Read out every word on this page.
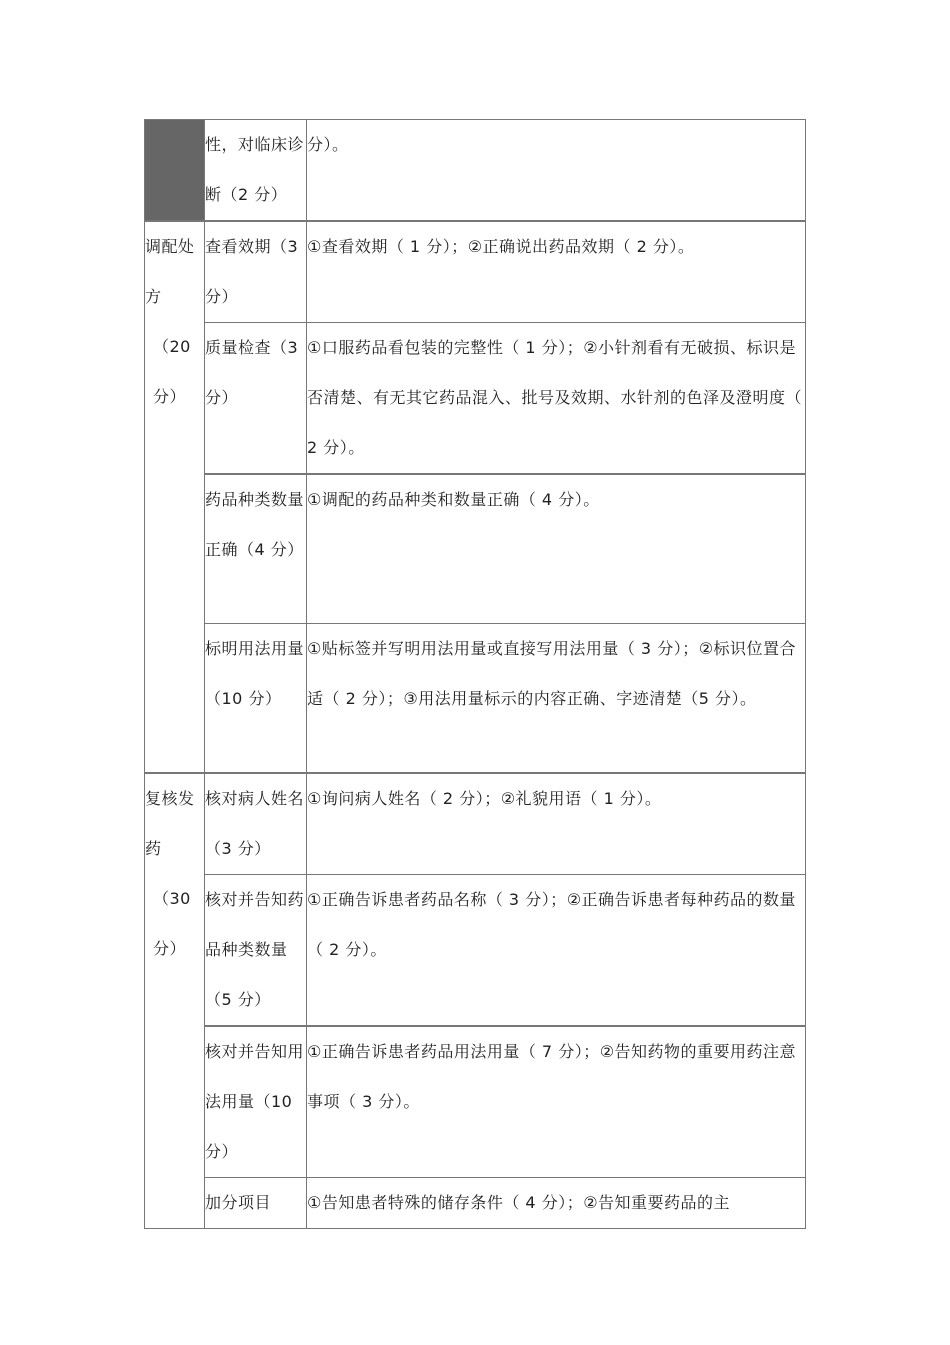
	性，对临床诊断（2 分）	分）。

调配处方
（20 分）	查看效期（3 分）	①查看效期（ 1 分）；②正确说出药品效期（ 2 分）。
	质量检查（3 分）	①口服药品看包装的完整性（ 1 分）；②小针剂看有无破损、标识是否清楚、有无其它药品混入、批号及效期、水针剂的色泽及澄明度（ 2 分）。
	药品种类数量正确（4 分）	①调配的药品种类和数量正确（ 4 分）。
	标明用法用量（10 分）	①贴标签并写明用法用量或直接写用法用量（ 3 分）；②标识位置合适（ 2 分）；③用法用量标示的内容正确、字迹清楚（5 分）。

复核发药
（30 分）	核对病人姓名（3 分）	①询问病人姓名（ 2 分）；②礼貌用语（ 1 分）。
	核对并告知药品种类数量（5 分）	①正确告诉患者药品名称（ 3 分）；②正确告诉患者每种药品的数量（ 2 分）。
	核对并告知用法用量（10 分）	①正确告诉患者药品用法用量（ 7 分）；②告知药物的重要用药注意事项（ 3 分）。
	加分项目	①告知患者特殊的储存条件（ 4 分）；②告知重要药品的主
